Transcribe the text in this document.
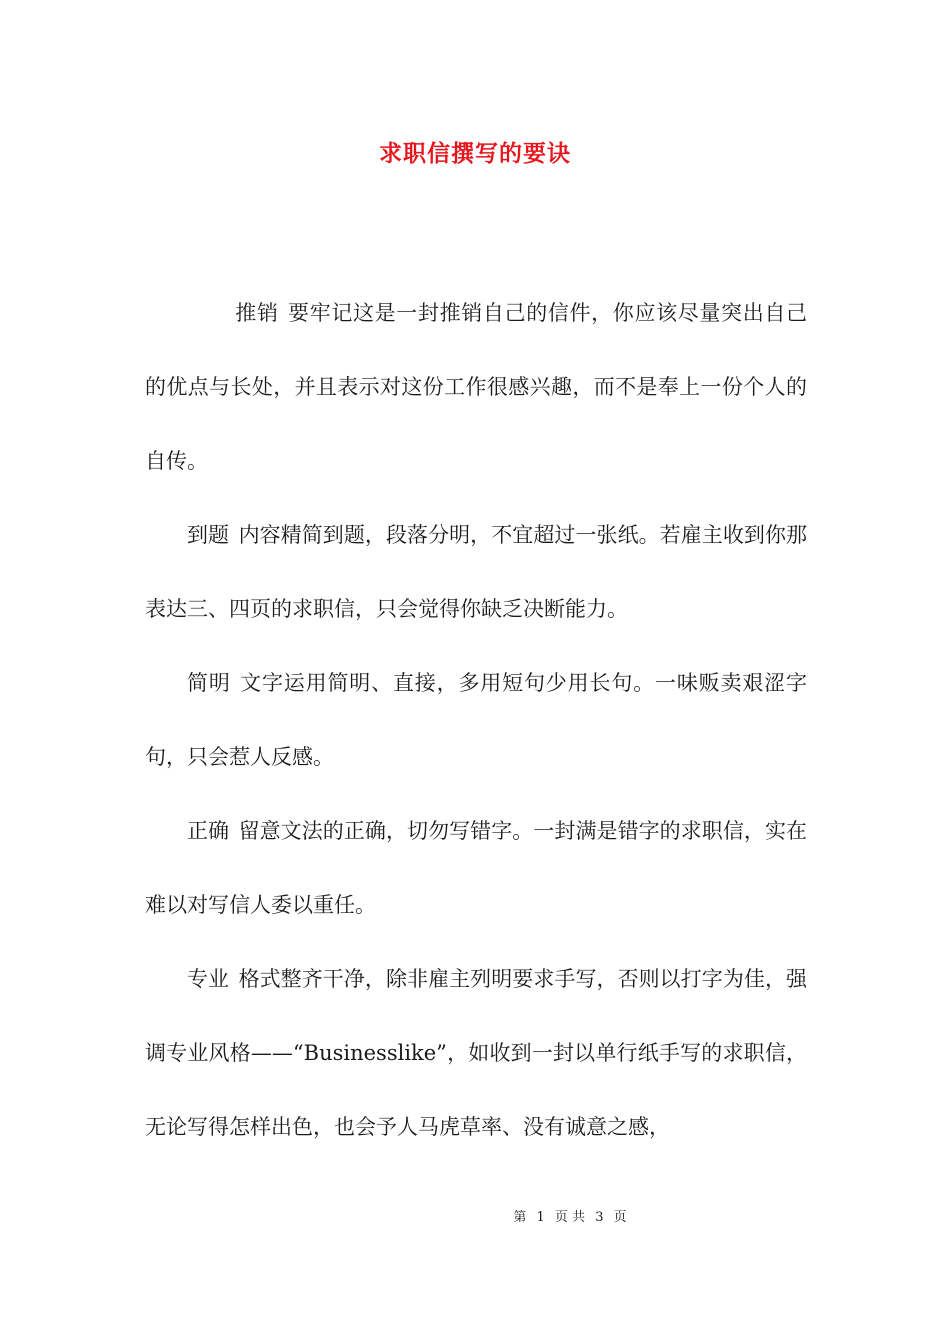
求职信撰写的要诀

推销 要牢记这是一封推销自己的信件，你应该尽量突出自己的优点与长处，并且表示对这份工作很感兴趣，而不是奉上一份个人的自传。

到题 内容精简到题，段落分明，不宜超过一张纸。若雇主收到你那表达三、四页的求职信，只会觉得你缺乏决断能力。

简明 文字运用简明、直接，多用短句少用长句。一味贩卖艰涩字句，只会惹人反感。

正确 留意文法的正确，切勿写错字。一封满是错字的求职信，实在难以对写信人委以重任。

专业 格式整齐干净，除非雇主列明要求手写，否则以打字为佳，强调专业风格——“Businesslike”，如收到一封以单行纸手写的求职信，无论写得怎样出色，也会予人马虎草率、没有诚意之感，

第 1 页 共 3 页
